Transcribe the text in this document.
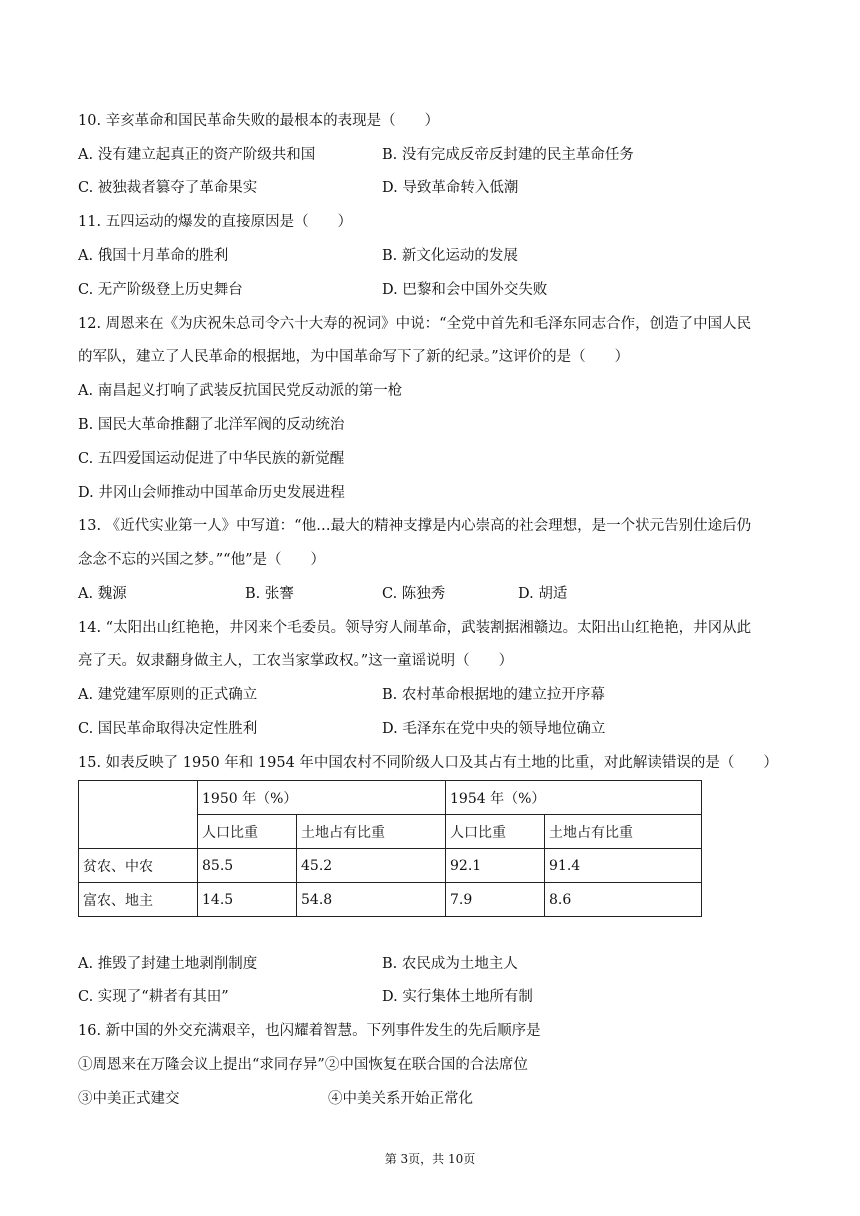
10. 辛亥革命和国民革命失败的最根本的表现是（　　）
A. 没有建立起真正的资产阶级共和国	B. 没有完成反帝反封建的民主革命任务
C. 被独裁者篡夺了革命果实	D. 导致革命转入低潮
11. 五四运动的爆发的直接原因是（　　）
A. 俄国十月革命的胜利	B. 新文化运动的发展
C. 无产阶级登上历史舞台	D. 巴黎和会中国外交失败
12. 周恩来在《为庆祝朱总司令六十大寿的祝词》中说：“全党中首先和毛泽东同志合作，创造了中国人民
的军队，建立了人民革命的根据地，为中国革命写下了新的纪录。”这评价的是（　　）
A. 南昌起义打响了武装反抗国民党反动派的第一枪
B. 国民大革命推翻了北洋军阀的反动统治
C. 五四爱国运动促进了中华民族的新觉醒
D. 井冈山会师推动中国革命历史发展进程
13. 《近代实业第一人》中写道：“他…最大的精神支撑是内心崇高的社会理想，是一个状元告别仕途后仍
念念不忘的兴国之梦。”“他”是（　　）
A. 魏源	B. 张謇	C. 陈独秀	D. 胡适
14. “太阳出山红艳艳，井冈来个毛委员。领导穷人闹革命，武装割据湘赣边。太阳出山红艳艳，井冈从此
亮了天。奴隶翻身做主人，工农当家掌政权。”这一童谣说明（　　）
A. 建党建军原则的正式确立	B. 农村革命根据地的建立拉开序幕
C. 国民革命取得决定性胜利	D. 毛泽东在党中央的领导地位确立
15. 如表反映了 1950 年和 1954 年中国农村不同阶级人口及其占有土地的比重，对此解读错误的是（　　）
	1950 年（%）		1954 年（%）	
	人口比重	土地占有比重	人口比重	土地占有比重
贫农、中农	85.5	45.2	92.1	91.4
富农、地主	14.5	54.8	7.9	8.6
A. 推毁了封建土地剥削制度	B. 农民成为土地主人
C. 实现了“耕者有其田”	D. 实行集体土地所有制
16. 新中国的外交充满艰辛，也闪耀着智慧。下列事件发生的先后顺序是
①周恩来在万隆会议上提出“求同存异”②中国恢复在联合国的合法席位
③中美正式建交	④中美关系开始正常化
第 3页，共 10页
